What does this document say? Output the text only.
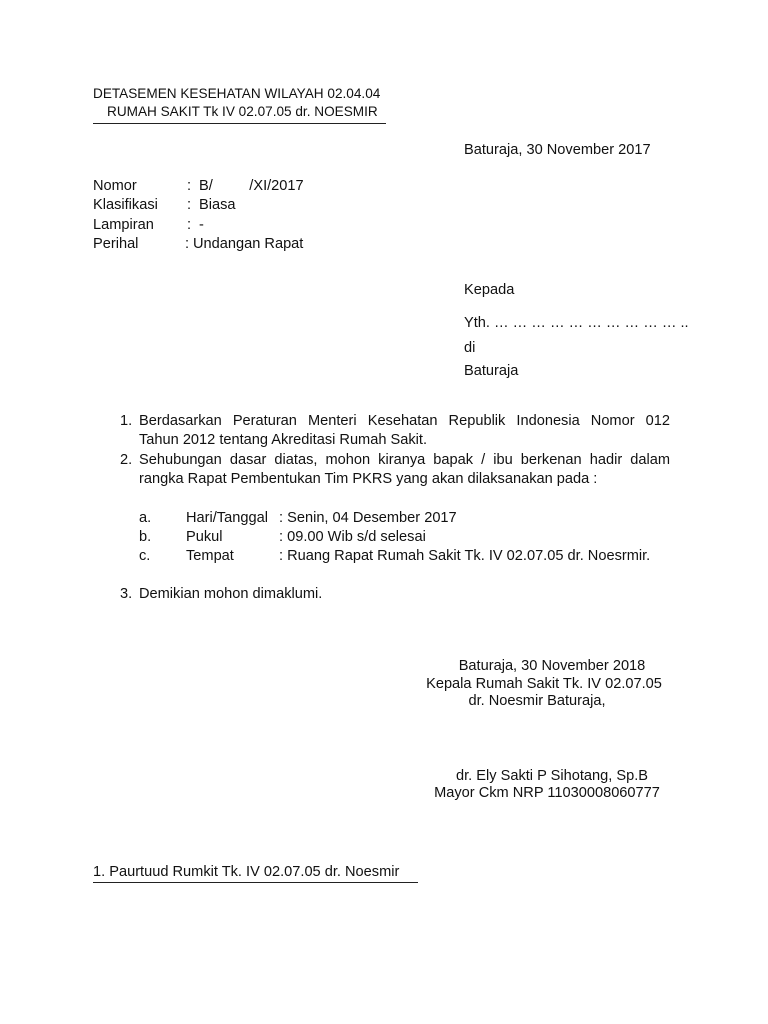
DETASEMEN KESEHATAN WILAYAH 02.04.04
RUMAH SAKIT Tk IV 02.07.05 dr. NOESMIR
Baturaja, 30 November 2017
Nomor	: B/         /XI/2017
Klasifikasi : Biasa
Lampiran : -
Perihal	: Undangan Rapat
Kepada
Yth. … … … … … … … … … … ..
di
Baturaja
1. Berdasarkan Peraturan Menteri Kesehatan Republik Indonesia Nomor 012
Tahun 2012 tentang Akreditasi Rumah Sakit.
2. Sehubungan dasar diatas, mohon kiranya bapak / ibu berkenan hadir dalam
rangka Rapat Pembentukan Tim PKRS yang akan dilaksanakan pada :
a. Hari/Tanggal : Senin, 04 Desember 2017
b. Pukul	: 09.00 Wib s/d selesai
c. Tempat	: Ruang Rapat Rumah Sakit Tk. IV 02.07.05 dr. Noesrmir.
3. Demikian mohon dimaklumi.
Baturaja, 30 November 2018
Kepala Rumah Sakit Tk. IV 02.07.05
dr. Noesmir Baturaja,
dr. Ely Sakti P Sihotang, Sp.B
Mayor Ckm NRP 11030008060777
1. Paurtuud Rumkit Tk. IV 02.07.05 dr. Noesmir
